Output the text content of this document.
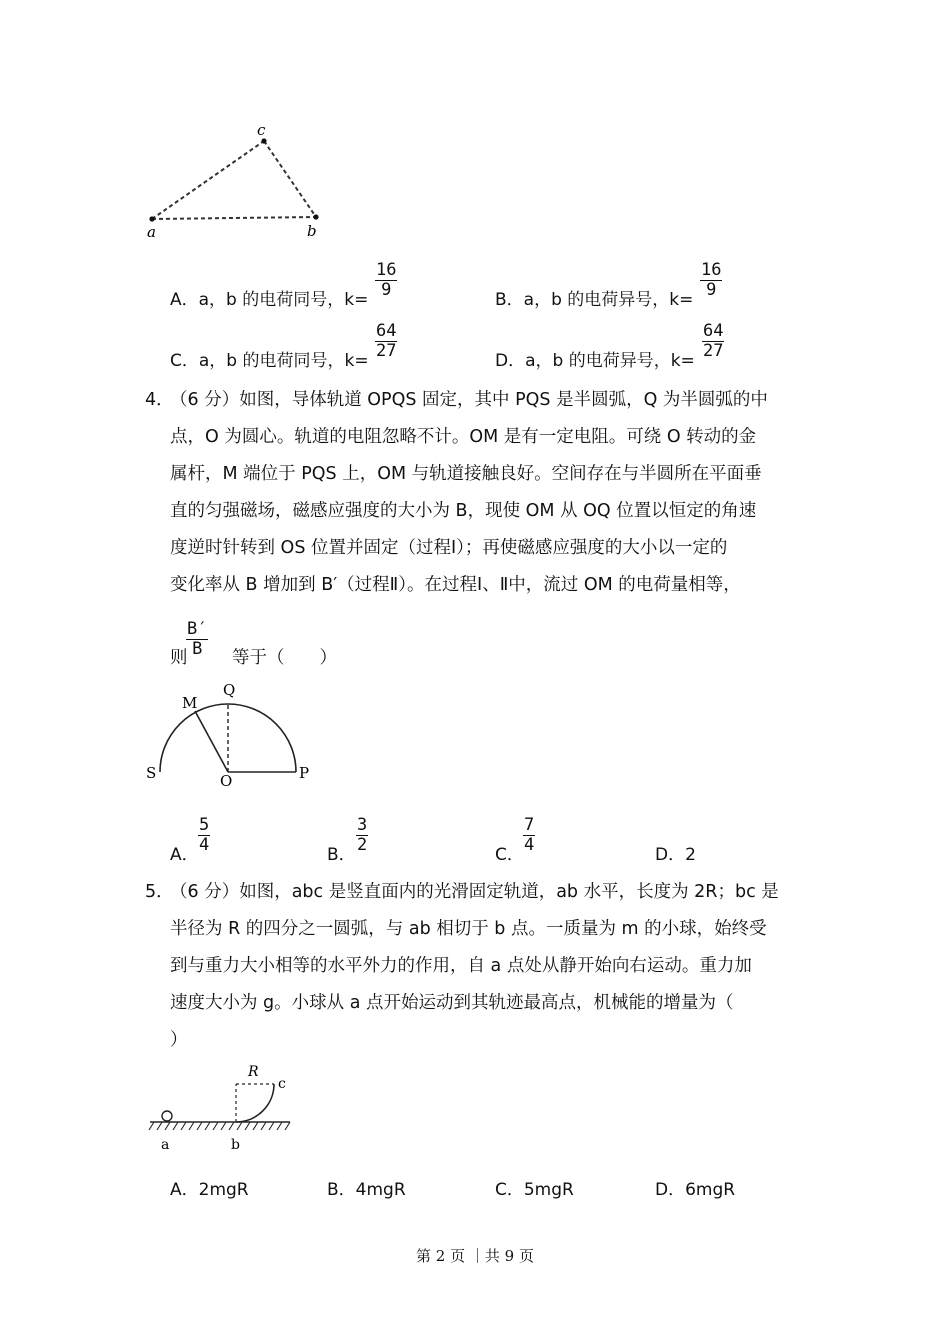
c
a	b
A．a，b 的电荷同号，k=
$\frac{16}{9}$
B．a，b 的电荷异号，k=
$\frac{16}{9}$
C．a，b 的电荷同号，k=
$\frac{64}{27}$
D．a，b 的电荷异号，k=
$\frac{64}{27}$
4．
（6 分）如图，导体轨道 OPQS 固定，其中 PQS 是半圆弧，Q 为半圆弧的中
点，O 为圆心。轨道的电阻忽略不计。OM 是有一定电阻。可绕 O 转动的金
属杆，M 端位于 PQS 上，OM 与轨道接触良好。空间存在与半圆所在平面垂
直的匀强磁场，磁感应强度的大小为 B，现使 OM 从 OQ 位置以恒定的角速
度逆时针转到 OS 位置并固定（过程Ⅰ）；再使磁感应强度的大小以一定的
变化率从 B 增加到 B′（过程Ⅱ）。在过程Ⅰ、Ⅱ中，流过 OM 的电荷量相等，
则
$\frac{B'}{B}$ 等于（　　）
M
Q
S	O	P
A．
$\frac{5}{4}$
B．
$\frac{3}{2}$
C．
$\frac{7}{4}$
D．2
5．
（6 分）如图，abc 是竖直面内的光滑固定轨道，ab 水平，长度为 2R；bc 是
半径为 R 的四分之一圆弧，与 ab 相切于 b 点。一质量为 m 的小球，始终受
到与重力大小相等的水平外力的作用，自 a 点处从静开始向右运动。重力加
速度大小为 g。小球从 a 点开始运动到其轨迹最高点，机械能的增量为（
）
R
c
a	b
A．2mgR	B．4mgR	C．5mgR	D．6mgR
第 2 页 ｜共 9 页
